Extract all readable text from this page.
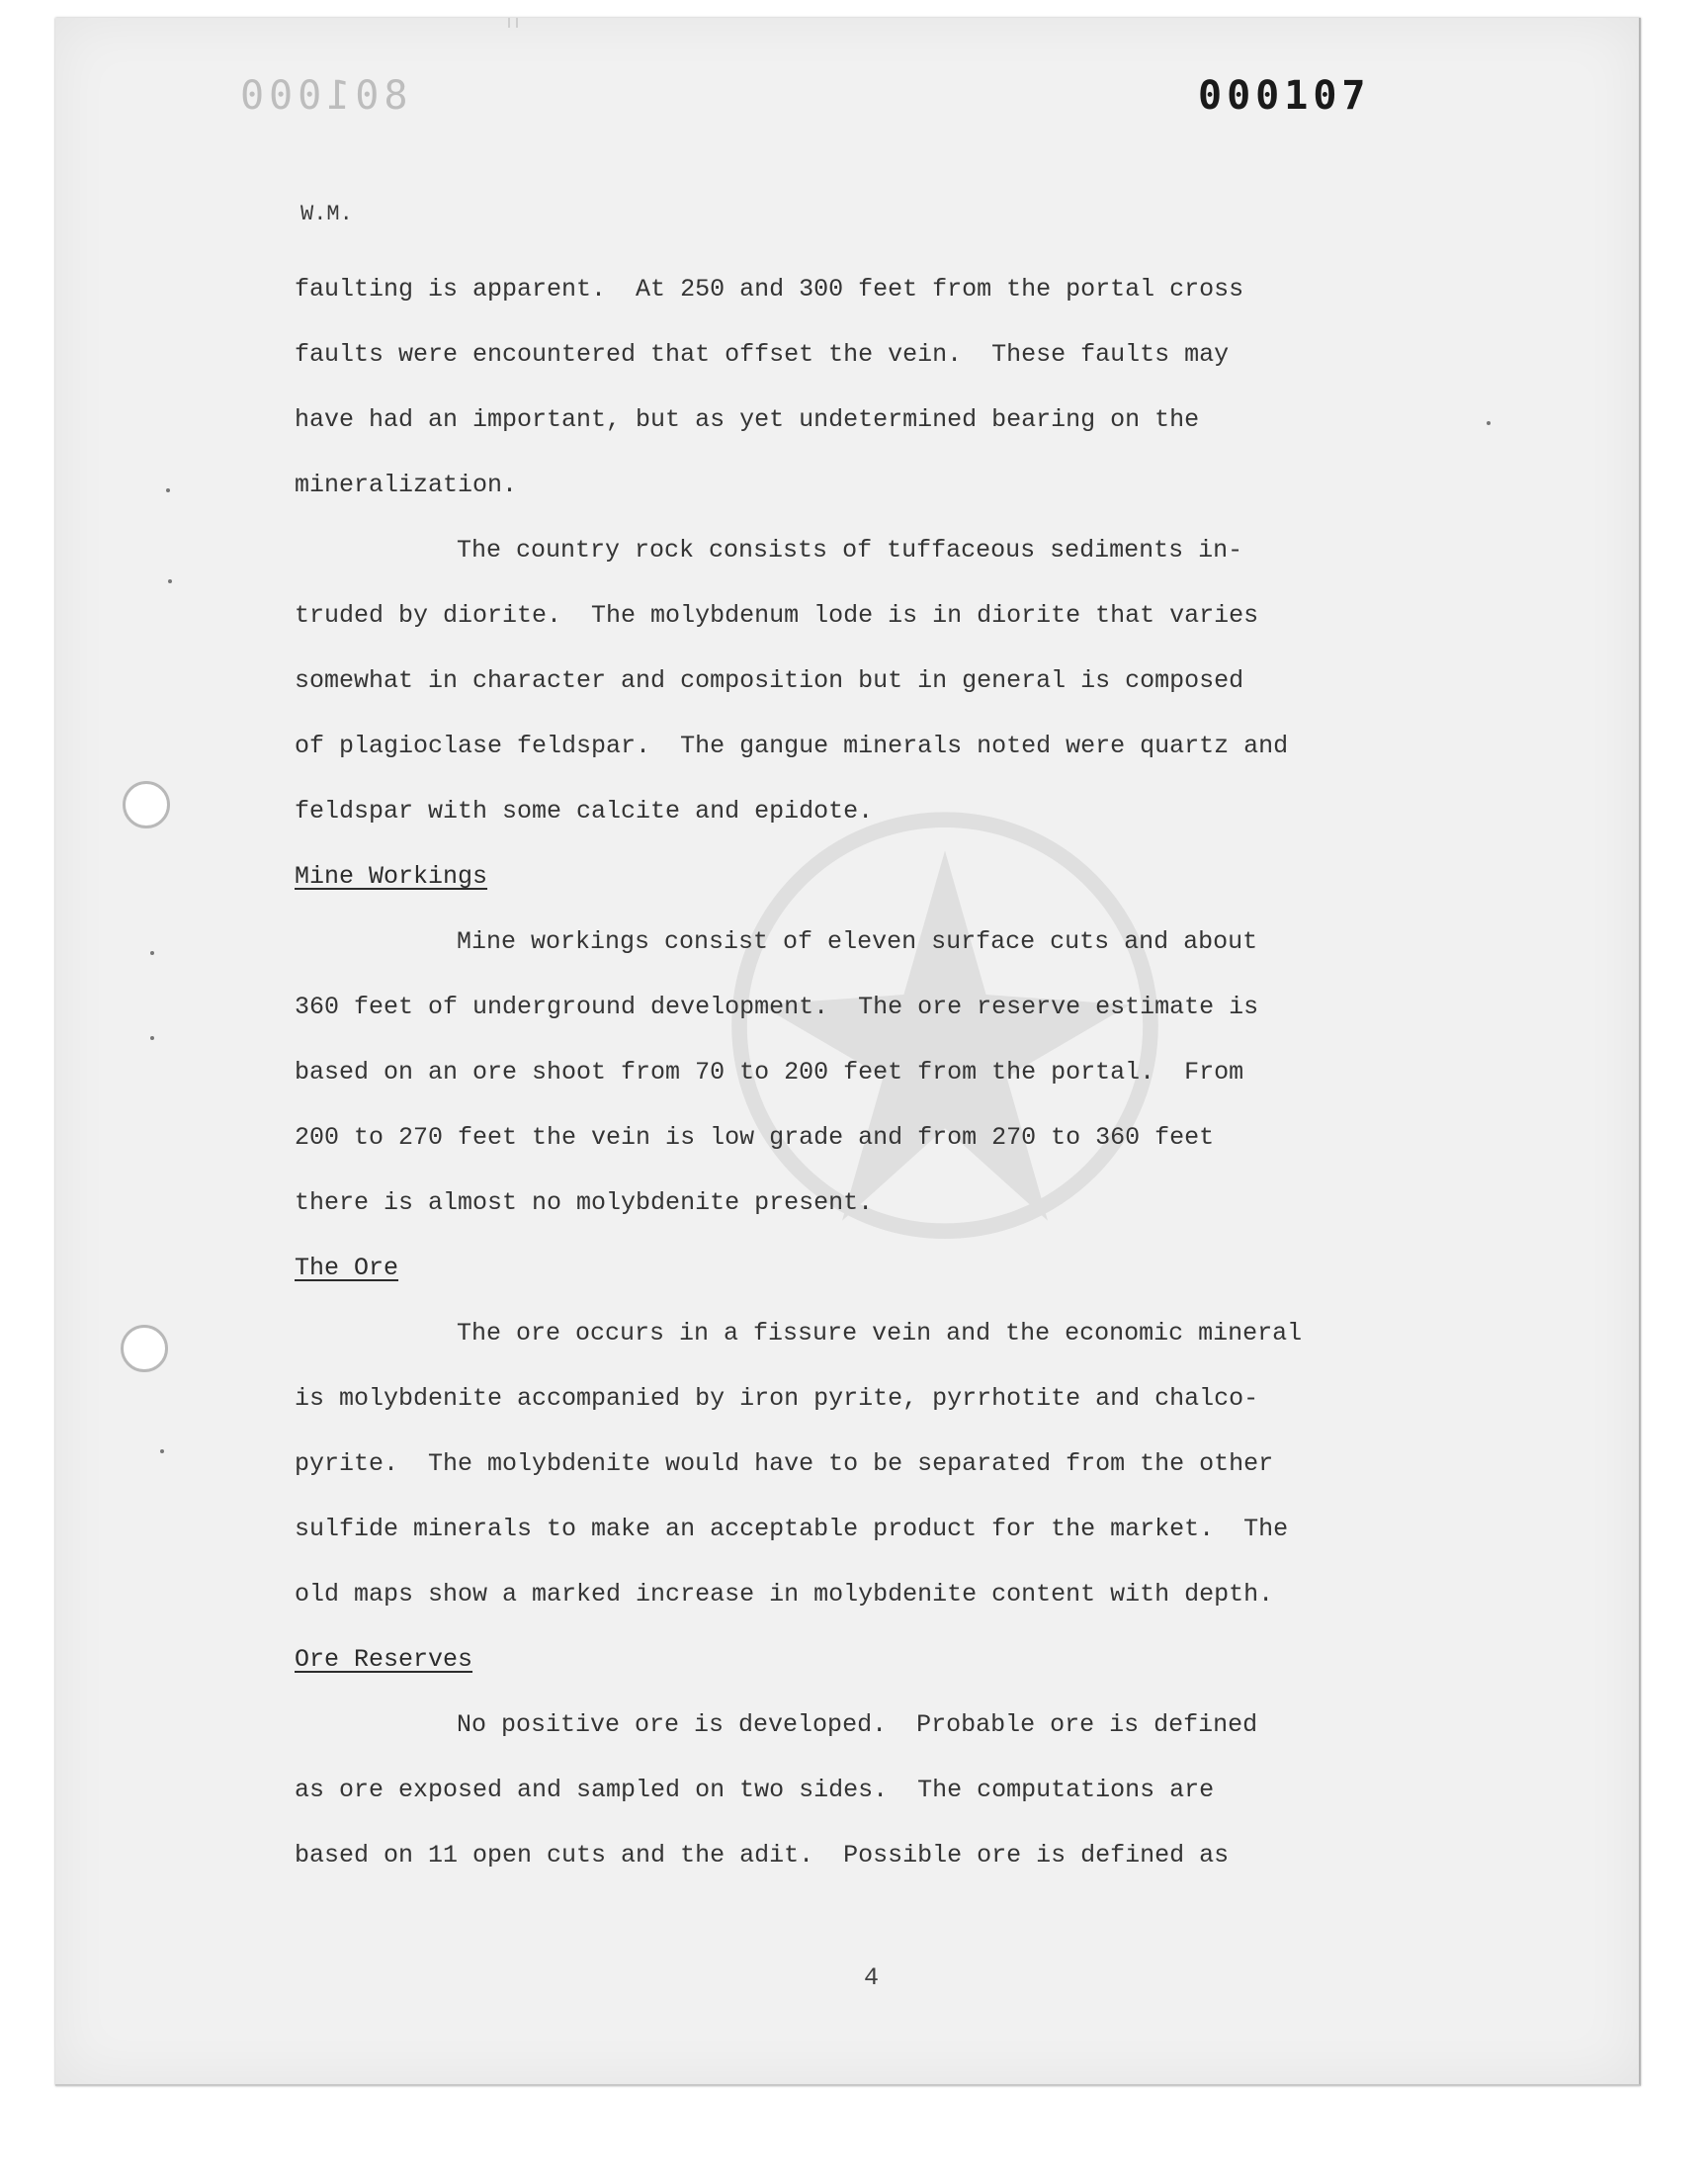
801000	000107
W.M.
faulting is apparent.  At 250 and 300 feet from the portal cross
faults were encountered that offset the vein.  These faults may
have had an important, but as yet undetermined bearing on the
mineralization.
The country rock consists of tuffaceous sediments in-
truded by diorite.  The molybdenum lode is in diorite that varies
somewhat in character and composition but in general is composed
of plagioclase feldspar.  The gangue minerals noted were quartz and
feldspar with some calcite and epidote.
Mine Workings
Mine workings consist of eleven surface cuts and about
360 feet of underground development.  The ore reserve estimate is
based on an ore shoot from 70 to 200 feet from the portal.  From
200 to 270 feet the vein is low grade and from 270 to 360 feet
there is almost no molybdenite present.
The Ore
The ore occurs in a fissure vein and the economic mineral
is molybdenite accompanied by iron pyrite, pyrrhotite and chalco-
pyrite.  The molybdenite would have to be separated from the other
sulfide minerals to make an acceptable product for the market.  The
old maps show a marked increase in molybdenite content with depth.
Ore Reserves
No positive ore is developed.  Probable ore is defined
as ore exposed and sampled on two sides.  The computations are
based on 11 open cuts and the adit.  Possible ore is defined as
4
